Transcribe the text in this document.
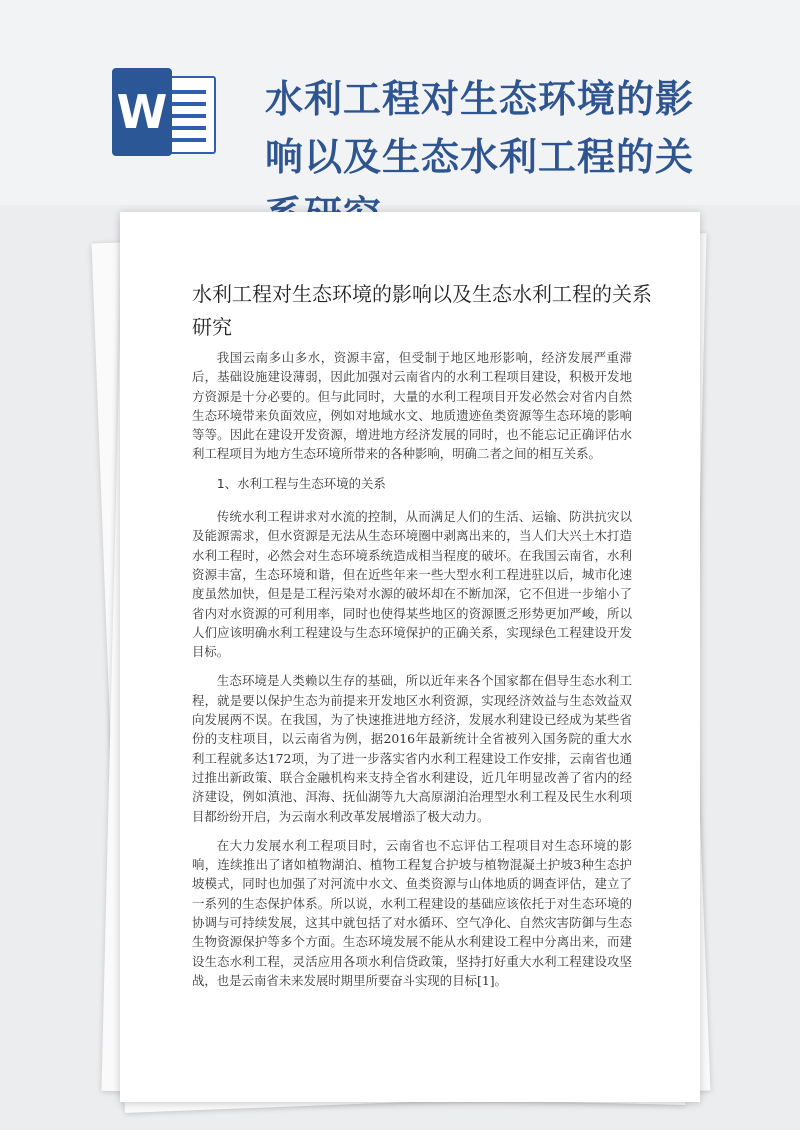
W	水利工程对生态环境的影响以及生态水利工程的关
水利工程对生态环境的影响以及生态水利工程的关系研究

我国云南多山多水，资源丰富，但受制于地区地形影响，经济发展严重滞后，基础设施建设薄弱，因此加强对云南省内的水利工程项目建设，积极开发地方资源是十分必要的。但与此同时，大量的水利工程项目开发必然会对省内自然生态环境带来负面效应，例如对地域水文、地质遗迹鱼类资源等生态环境的影响等等。因此在建设开发资源，增进地方经济发展的同时，也不能忘记正确评估水利工程项目为地方生态环境所带来的各种影响，明确二者之间的相互关系。

1、水利工程与生态环境的关系

传统水利工程讲求对水流的控制，从而满足人们的生活、运输、防洪抗灾以及能源需求，但水资源是无法从生态环境圈中剥离出来的，当人们大兴土木打造水利工程时，必然会对生态环境系统造成相当程度的破坏。在我国云南省，水利资源丰富，生态环境和谐，但在近些年来一些大型水利工程进驻以后，城市化速度虽然加快，但是是工程污染对水源的破坏却在不断加深，它不但进一步缩小了省内对水资源的可利用率，同时也使得某些地区的资源匮乏形势更加严峻，所以人们应该明确水利工程建设与生态环境保护的正确关系，实现绿色工程建设开发目标。

生态环境是人类赖以生存的基础，所以近年来各个国家都在倡导生态水利工程，就是要以保护生态为前提来开发地区水利资源，实现经济效益与生态效益双向发展两不误。在我国，为了快速推进地方经济，发展水利建设已经成为某些省份的支柱项目，以云南省为例，据2016年最新统计全省被列入国务院的重大水利工程就多达172项，为了进一步落实省内水利工程建设工作安排，云南省也通过推出新政策、联合金融机构来支持全省水利建设，近几年明显改善了省内的经济建设，例如滇池、洱海、抚仙湖等九大高原湖泊治理型水利工程及民生水利项目都纷纷开启，为云南水利改革发展增添了极大动力。

在大力发展水利工程项目时，云南省也不忘评估工程项目对生态环境的影响，连续推出了诸如植物湖泊、植物工程复合护坡与植物混凝土护坡3种生态护坡模式，同时也加强了对河流中水文、鱼类资源与山体地质的调查评估，建立了一系列的生态保护体系。所以说，水利工程建设的基础应该依托于对生态环境的协调与可持续发展，这其中就包括了对水循环、空气净化、自然灾害防御与生态生物资源保护等多个方面。生态环境发展不能从水利建设工程中分离出来，而建设生态水利工程，灵活应用各项水利信贷政策，坚持打好重大水利工程建设攻坚战，也是云南省未来发展时期里所要奋斗实现的目标[1]。
